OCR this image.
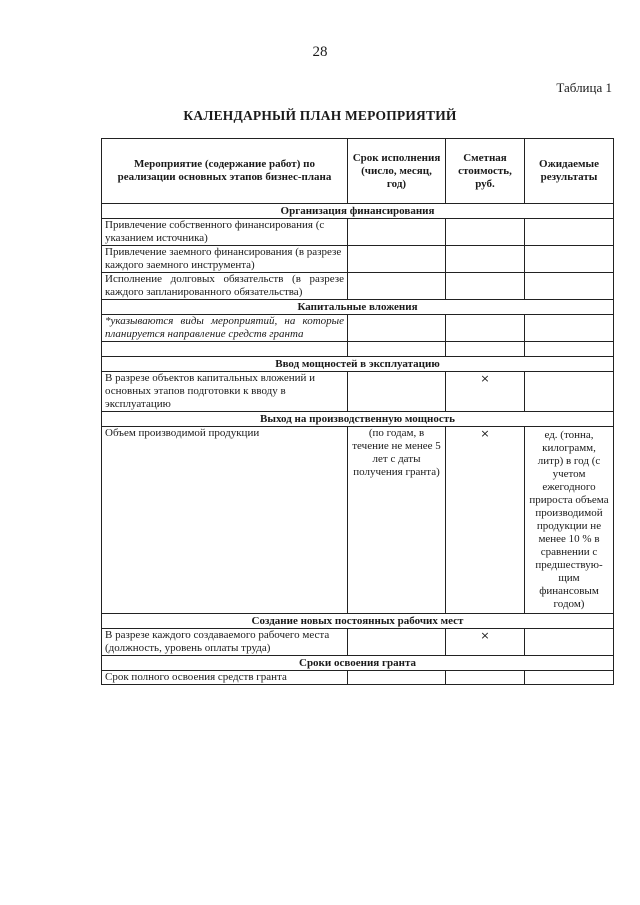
28
Таблица 1
КАЛЕНДАРНЫЙ ПЛАН МЕРОПРИЯТИЙ
Мероприятие (содержание работ) по реализации основных этапов бизнес-плана	Срок исполнения (число, месяц, год)	Сметная стоимость, руб.	Ожидаемые результаты
Организация финансирования			
Привлечение собственного финансирования (с указанием источника)			
Привлечение заемного финансирования (в разрезе каждого заемного инструмента)			
Исполнение долговых обязательств (в разрезе каждого запланированного обязательства)			
Капитальные вложения			
*указываются виды мероприятий, на которые планируется направление средств гранта			

Ввод мощностей в эксплуатацию			
В разрезе объектов капитальных вложений и основных этапов подготовки к вводу в эксплуатацию		×	
Выход на производственную мощность			
Объем производимой продукции	(по годам, в течение не менее 5 лет с даты получения гранта)	×	ед. (тонна, килограмм, литр) в год (с учетом ежегодного прироста объема производимой продукции не менее 10 % в сравнении с предшествую-щим финансовым годом)
Создание новых постоянных рабочих мест			
В разрезе каждого создаваемого рабочего места (должность, уровень оплаты труда)		×	
Сроки освоения гранта			
Срок полного освоения средств гранта			
